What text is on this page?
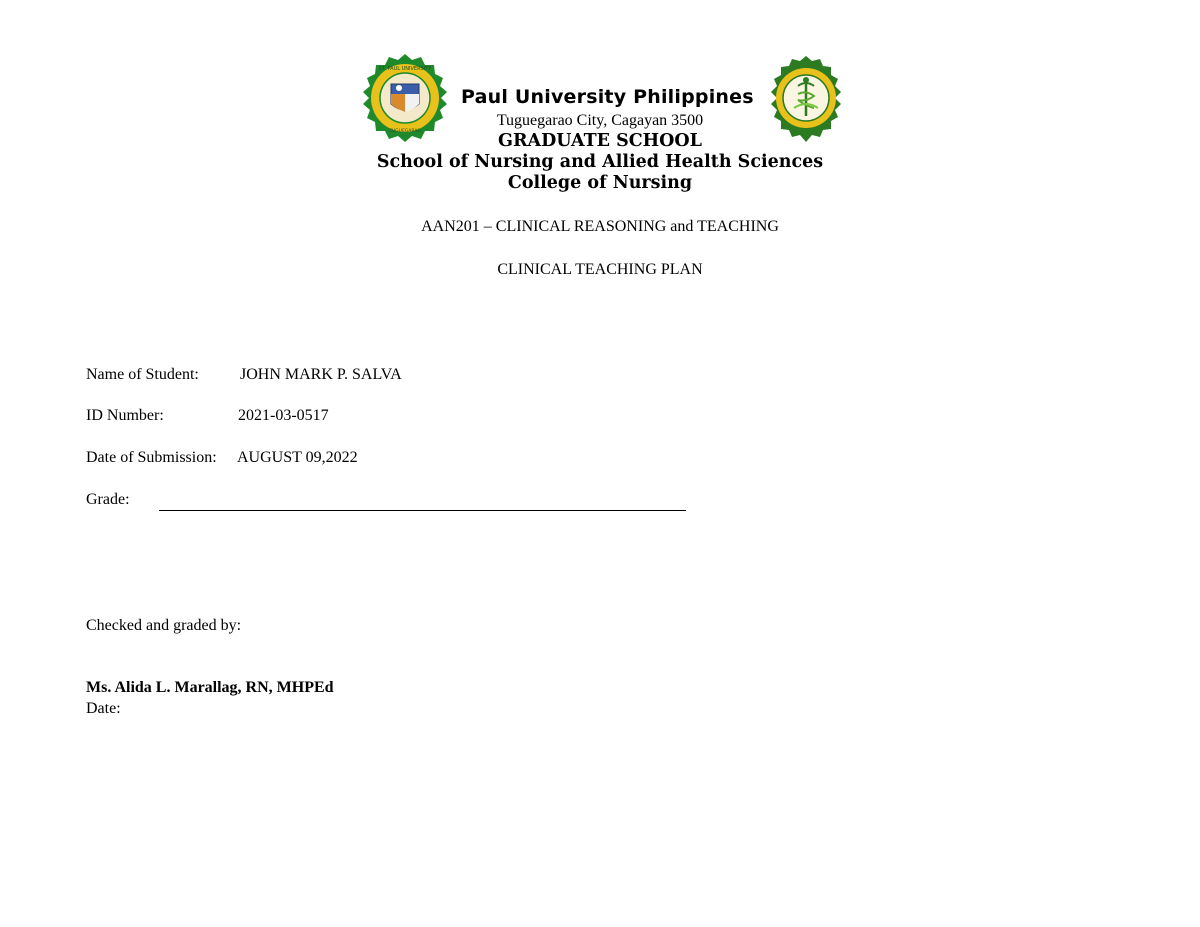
ST. PAUL UNIVERSITY
TUGUEGARAO
Paul University Philippines
Tuguegarao City, Cagayan 3500
GRADUATE SCHOOL
School of Nursing and Allied Health Sciences
College of Nursing
AAN201 – CLINICAL REASONING and TEACHING
CLINICAL TEACHING PLAN
Name of Student:	JOHN MARK P. SALVA
ID Number:	2021-03-0517
Date of Submission: AUGUST 09,2022
Grade:
Checked and graded by:
Ms. Alida L. Marallag, RN, MHPEd
Date:
